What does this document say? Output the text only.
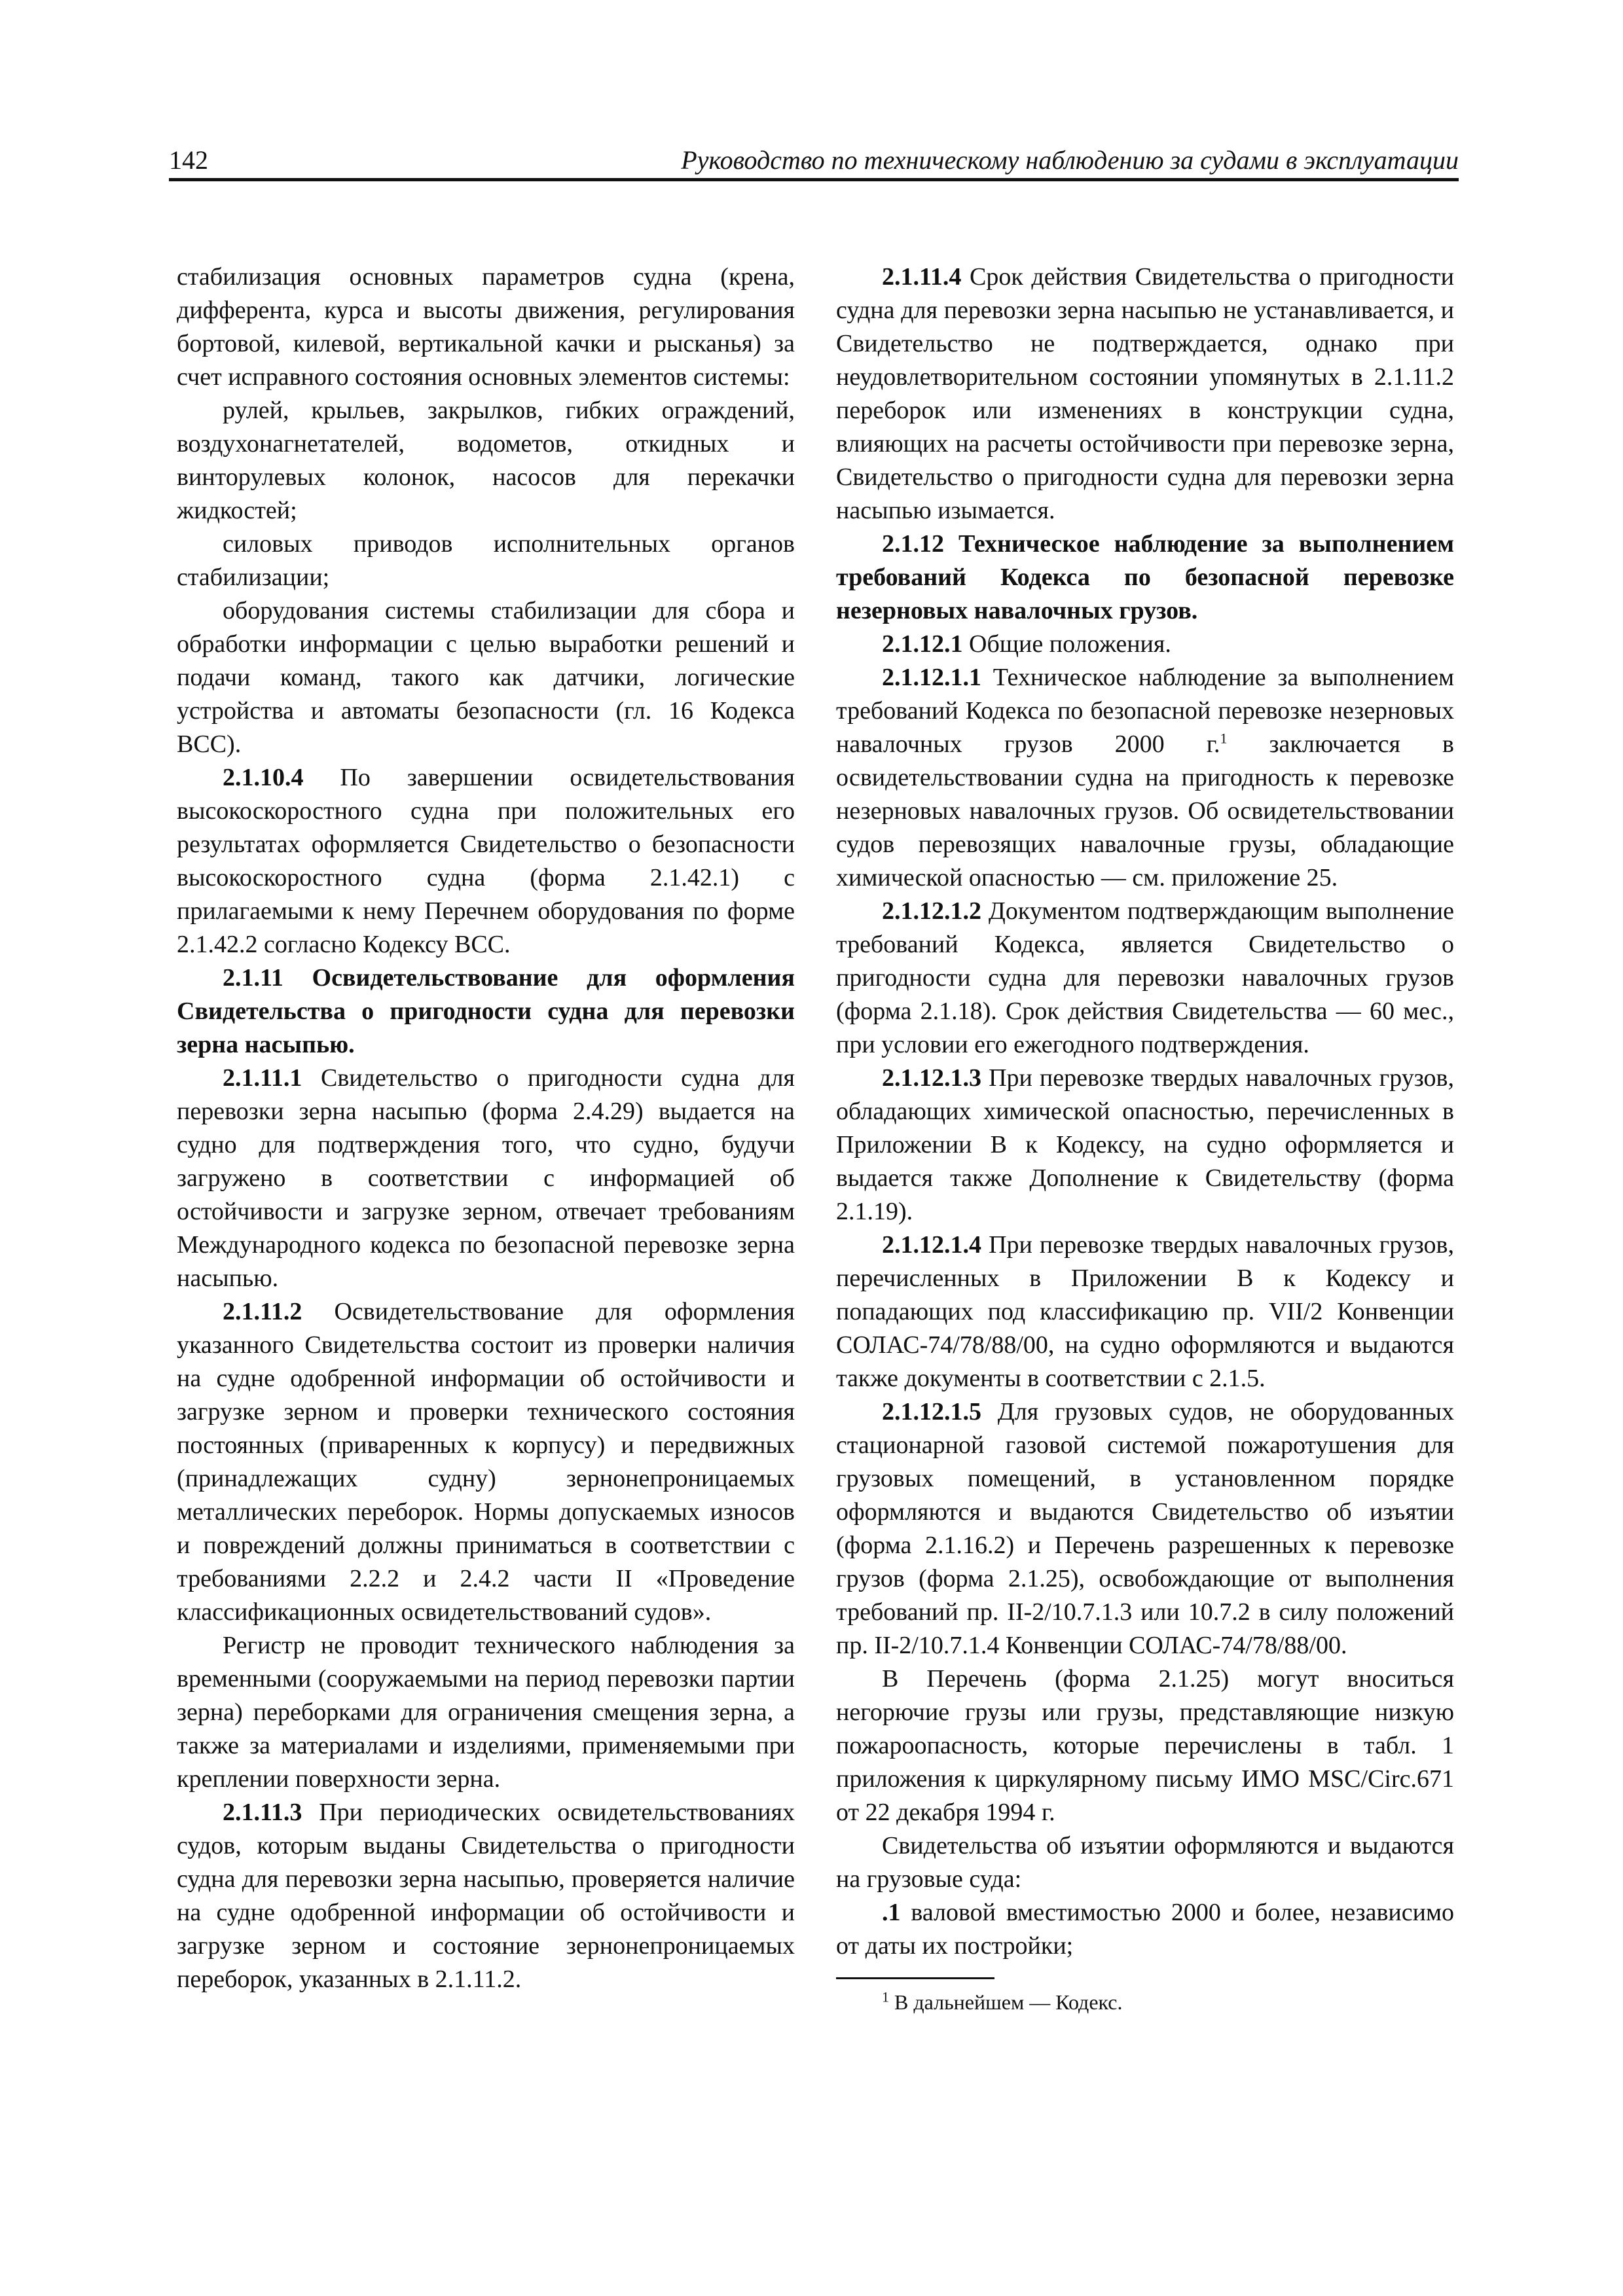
142	Руководство по техническому наблюдению за судами в эксплуатации

стабилизация основных параметров судна (крена, дифферента, курса и высоты движения, регулирования бортовой, килевой, вертикальной качки и рысканья) за счет исправного состояния основных элементов системы:

рулей, крыльев, закрылков, гибких ограждений, воздухонагнетателей, водометов, откидных и винторулевых колонок, насосов для перекачки жидкостей;

силовых приводов исполнительных органов стабилизации;

оборудования системы стабилизации для сбора и обработки информации с целью выработки решений и подачи команд, такого как датчики, логические устройства и автоматы безопасности (гл. 16 Кодекса ВСС).

2.1.10.4 По завершении освидетельствования высокоскоростного судна при положительных его результатах оформляется Свидетельство о безопасности высокоскоростного судна (форма 2.1.42.1) с прилагаемыми к нему Перечнем оборудования по форме 2.1.42.2 согласно Кодексу ВСС.

2.1.11 Освидетельствование для оформления Свидетельства о пригодности судна для перевозки зерна насыпью.

2.1.11.1 Свидетельство о пригодности судна для перевозки зерна насыпью (форма 2.4.29) выдается на судно для подтверждения того, что судно, будучи загружено в соответствии с информацией об остойчивости и загрузке зерном, отвечает требованиям Международного кодекса по безопасной перевозке зерна насыпью.

2.1.11.2 Освидетельствование для оформления указанного Свидетельства состоит из проверки наличия на судне одобренной информации об остойчивости и загрузке зерном и проверки технического состояния постоянных (приваренных к корпусу) и передвижных (принадлежащих судну) зернонепроницаемых металлических переборок. Нормы допускаемых износов и повреждений должны приниматься в соответствии с требованиями 2.2.2 и 2.4.2 части II «Проведение классификационных освидетельствований судов».

Регистр не проводит технического наблюдения за временными (сооружаемыми на период перевозки партии зерна) переборками для ограничения смещения зерна, а также за материалами и изделиями, применяемыми при креплении поверхности зерна.

2.1.11.3 При периодических освидетельствованиях судов, которым выданы Свидетельства о пригодности судна для перевозки зерна насыпью, проверяется наличие на судне одобренной информации об остойчивости и загрузке зерном и состояние зернонепроницаемых переборок, указанных в 2.1.11.2.

2.1.11.4 Срок действия Свидетельства о пригодности судна для перевозки зерна насыпью не устанавливается, и Свидетельство не подтверждается, однако при неудовлетворительном состоянии упомянутых в 2.1.11.2 переборок или изменениях в конструкции судна, влияющих на расчеты остойчивости при перевозке зерна, Свидетельство о пригодности судна для перевозки зерна насыпью изымается.

2.1.12 Техническое наблюдение за выполнением требований Кодекса по безопасной перевозке незерновых навалочных грузов.

2.1.12.1 Общие положения.

2.1.12.1.1 Техническое наблюдение за выполнением требований Кодекса по безопасной перевозке незерновых навалочных грузов 2000 г.$^1$ заключается в освидетельствовании судна на пригодность к перевозке незерновых навалочных грузов. Об освидетельствовании судов перевозящих навалочные грузы, обладающие химической опасностью — см. приложение 25.

2.1.12.1.2 Документом подтверждающим выполнение требований Кодекса, является Свидетельство о пригодности судна для перевозки навалочных грузов (форма 2.1.18). Срок действия Свидетельства — 60 мес., при условии его ежегодного подтверждения.

2.1.12.1.3 При перевозке твердых навалочных грузов, обладающих химической опасностью, перечисленных в Приложении В к Кодексу, на судно оформляется и выдается также Дополнение к Свидетельству (форма 2.1.19).

2.1.12.1.4 При перевозке твердых навалочных грузов, перечисленных в Приложении В к Кодексу и попадающих под классификацию пр. VII/2 Конвенции СОЛАС-74/78/88/00, на судно оформляются и выдаются также документы в соответствии с 2.1.5.

2.1.12.1.5 Для грузовых судов, не оборудованных стационарной газовой системой пожаротушения для грузовых помещений, в установленном порядке оформляются и выдаются Свидетельство об изъятии (форма 2.1.16.2) и Перечень разрешенных к перевозке грузов (форма 2.1.25), освобождающие от выполнения требований пр. II-2/10.7.1.3 или 10.7.2 в силу положений пр. II-2/10.7.1.4 Конвенции СОЛАС-74/78/88/00.

В Перечень (форма 2.1.25) могут вноситься негорючие грузы или грузы, представляющие низкую пожароопасность, которые перечислены в табл. 1 приложения к циркулярному письму ИМО MSC/Circ.671 от 22 декабря 1994 г.

Свидетельства об изъятии оформляются и выдаются на грузовые суда:

.1 валовой вместимостью 2000 и более, независимо от даты их постройки;

$^1$ В дальнейшем — Кодекс.
